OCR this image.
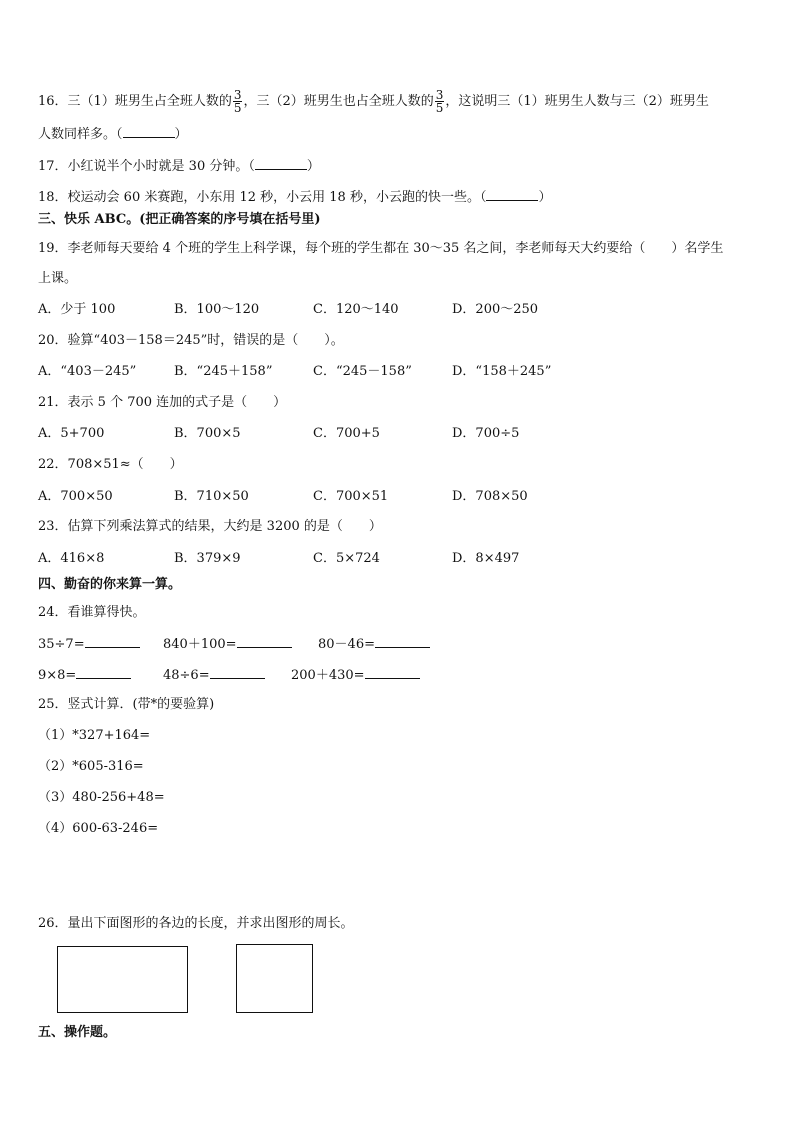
16．三（1）班男生占全班人数的 $\frac{3}{5}$ ，三（2）班男生也占全班人数的 $\frac{3}{5}$ ，这说明三（1）班男生人数与三（2）班男生
人数同样多。（	）
17．小红说半个小时就是 30 分钟。（	）
18．校运动会 60 米赛跑，小东用 12 秒，小云用 18 秒，小云跑的快一些。（	）
三、快乐 ABC。(把正确答案的序号填在括号里)
19．李老师每天要给 4 个班的学生上科学课，每个班的学生都在 30～35 名之间，李老师每天大约要给（　　）名学生
上课。
A．少于 100	B．100～120	C．120～140	D．200～250
20．验算“403－158＝245”时，错误的是（　　）。
A．“403－245”	B．“245＋158”	C．“245－158”	D．“158＋245”
21．表示 5 个 700 连加的式子是（　　）
A．5+700	B．700×5	C．700+5	D．700÷5
22．708×51≈（　　）
A．700×50	B．710×50	C．700×51	D．708×50
23．估算下列乘法算式的结果，大约是 3200 的是（　　）
A．416×8	B．379×9	C．5×724	D．8×497
四、勤奋的你来算一算。
24．看谁算得快。
35÷7=	840＋100=	80－46=
9×8=	48÷6=	200＋430=
25．竖式计算．(带*的要验算)
（1）*327+164=
（2）*605-316=
（3）480-256+48=
（4）600-63-246=
26．量出下面图形的各边的长度，并求出图形的周长。
五、操作题。
